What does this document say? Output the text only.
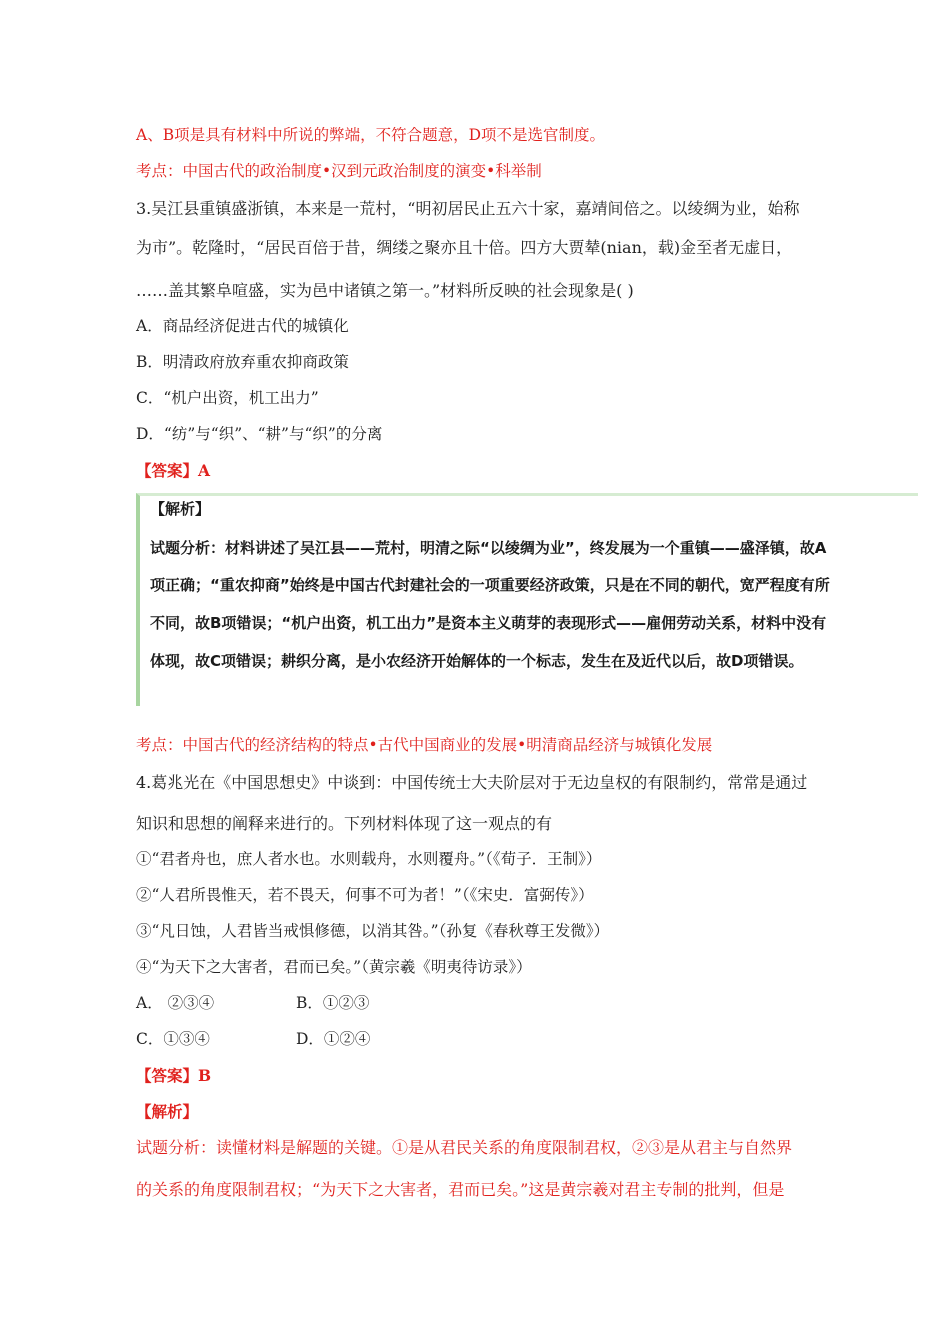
A、B项是具有材料中所说的弊端，不符合题意，D项不是选官制度。
考点：中国古代的政治制度•汉到元政治制度的演变•科举制
3.吴江县重镇盛浙镇，本来是一荒村，“明初居民止五六十家，嘉靖间倍之。以绫绸为业，始称
为市”。乾隆时，“居民百倍于昔，绸缕之聚亦且十倍。四方大贾辇(nian，载)金至者无虚日，
……盖其繁阜喧盛，实为邑中诸镇之第一。”材料所反映的社会现象是( )
A．商品经济促进古代的城镇化
B．明清政府放弃重农抑商政策
C．“机户出资，机工出力”
D．“纺”与“织”、“耕”与“织”的分离
【答案】A
【解析】
试题分析：材料讲述了吴江县——荒村，明清之际“以绫绸为业”，终发展为一个重镇——盛泽镇，故A
项正确；“重农抑商”始终是中国古代封建社会的一项重要经济政策，只是在不同的朝代，宽严程度有所
不同，故B项错误；“机户出资，机工出力”是资本主义萌芽的表现形式——雇佣劳动关系，材料中没有
体现，故C项错误；耕织分离，是小农经济开始解体的一个标志，发生在及近代以后，故D项错误。
考点：中国古代的经济结构的特点•古代中国商业的发展•明清商品经济与城镇化发展
4.葛兆光在《中国思想史》中谈到：中国传统士大夫阶层对于无边皇权的有限制约，常常是通过
知识和思想的阐释来进行的。下列材料体现了这一观点的有
①“君者舟也，庶人者水也。水则载舟，水则覆舟。”（《荀子．王制》）
②“人君所畏惟天，若不畏天，何事不可为者！”（《宋史．富弼传》）
③“凡日蚀，人君皆当戒惧修德，以消其咎。”（孙复《春秋尊王发微》）
④“为天下之大害者，君而已矣。”（黄宗羲《明夷待访录》）
A． ②③④	B．①②③
C．①③④	D．①②④
【答案】B
【解析】
试题分析：读懂材料是解题的关键。①是从君民关系的角度限制君权，②③是从君主与自然界
的关系的角度限制君权；“为天下之大害者，君而已矣。”这是黄宗羲对君主专制的批判，但是
